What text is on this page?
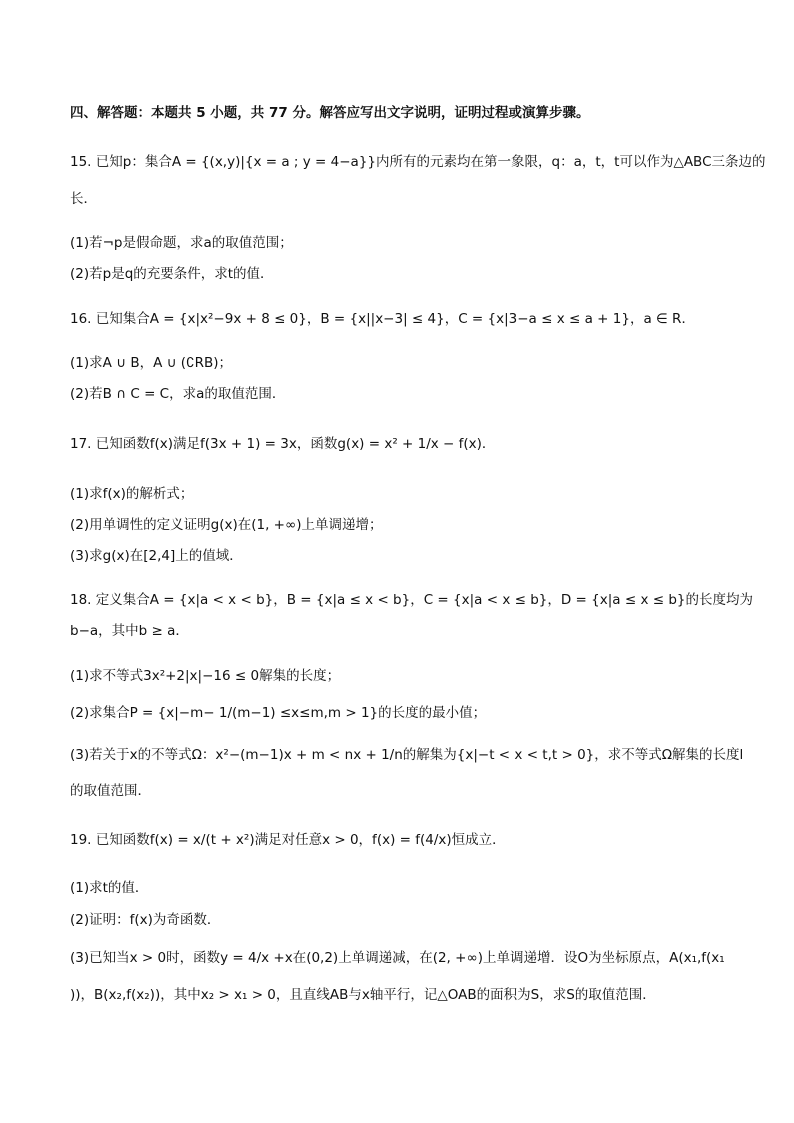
四、解答题：本题共 5 小题，共 77 分。解答应写出文字说明，证明过程或演算步骤。
15. 已知p：集合A = {(x,y)|{x = a ; y = 4−a}}内所有的元素均在第一象限，q：a，t，t可以作为△ABC三条边的
长．
(1)若¬p是假命题，求a的取值范围；
(2)若p是q的充要条件，求t的值．
16. 已知集合A = {x|x²−9x + 8 ≤ 0}，B = {x||x−3| ≤ 4}，C = {x|3−a ≤ x ≤ a + 1}，a ∈ R．
(1)求A ∪ B，A ∪ (∁RB)；
(2)若B ∩ C = C，求a的取值范围．
17. 已知函数f(x)满足f(3x + 1) = 3x，函数g(x) = x² + 1/x − f(x)．
(1)求f(x)的解析式；
(2)用单调性的定义证明g(x)在(1, +∞)上单调递增；
(3)求g(x)在[2,4]上的值域．
18. 定义集合A = {x|a < x < b}，B = {x|a ≤ x < b}，C = {x|a < x ≤ b}，D = {x|a ≤ x ≤ b}的长度均为
b−a，其中b ≥ a．
(1)求不等式3x²+2|x|−16 ≤ 0解集的长度；
(2)求集合P = {x|−m− 1/(m−1) ≤x≤m,m > 1}的长度的最小值；
(3)若关于x的不等式Ω：x²−(m−1)x + m < nx + 1/n的解集为{x|−t < x < t,t > 0}，求不等式Ω解集的长度l
的取值范围．
19. 已知函数f(x) = x/(t + x²)满足对任意x > 0，f(x) = f(4/x)恒成立．
(1)求t的值．
(2)证明：f(x)为奇函数．
(3)已知当x > 0时，函数y = 4/x +x在(0,2)上单调递减，在(2, +∞)上单调递增．设O为坐标原点，A(x₁,f(x₁
))，B(x₂,f(x₂))，其中x₂ > x₁ > 0，且直线AB与x轴平行，记△OAB的面积为S，求S的取值范围．
